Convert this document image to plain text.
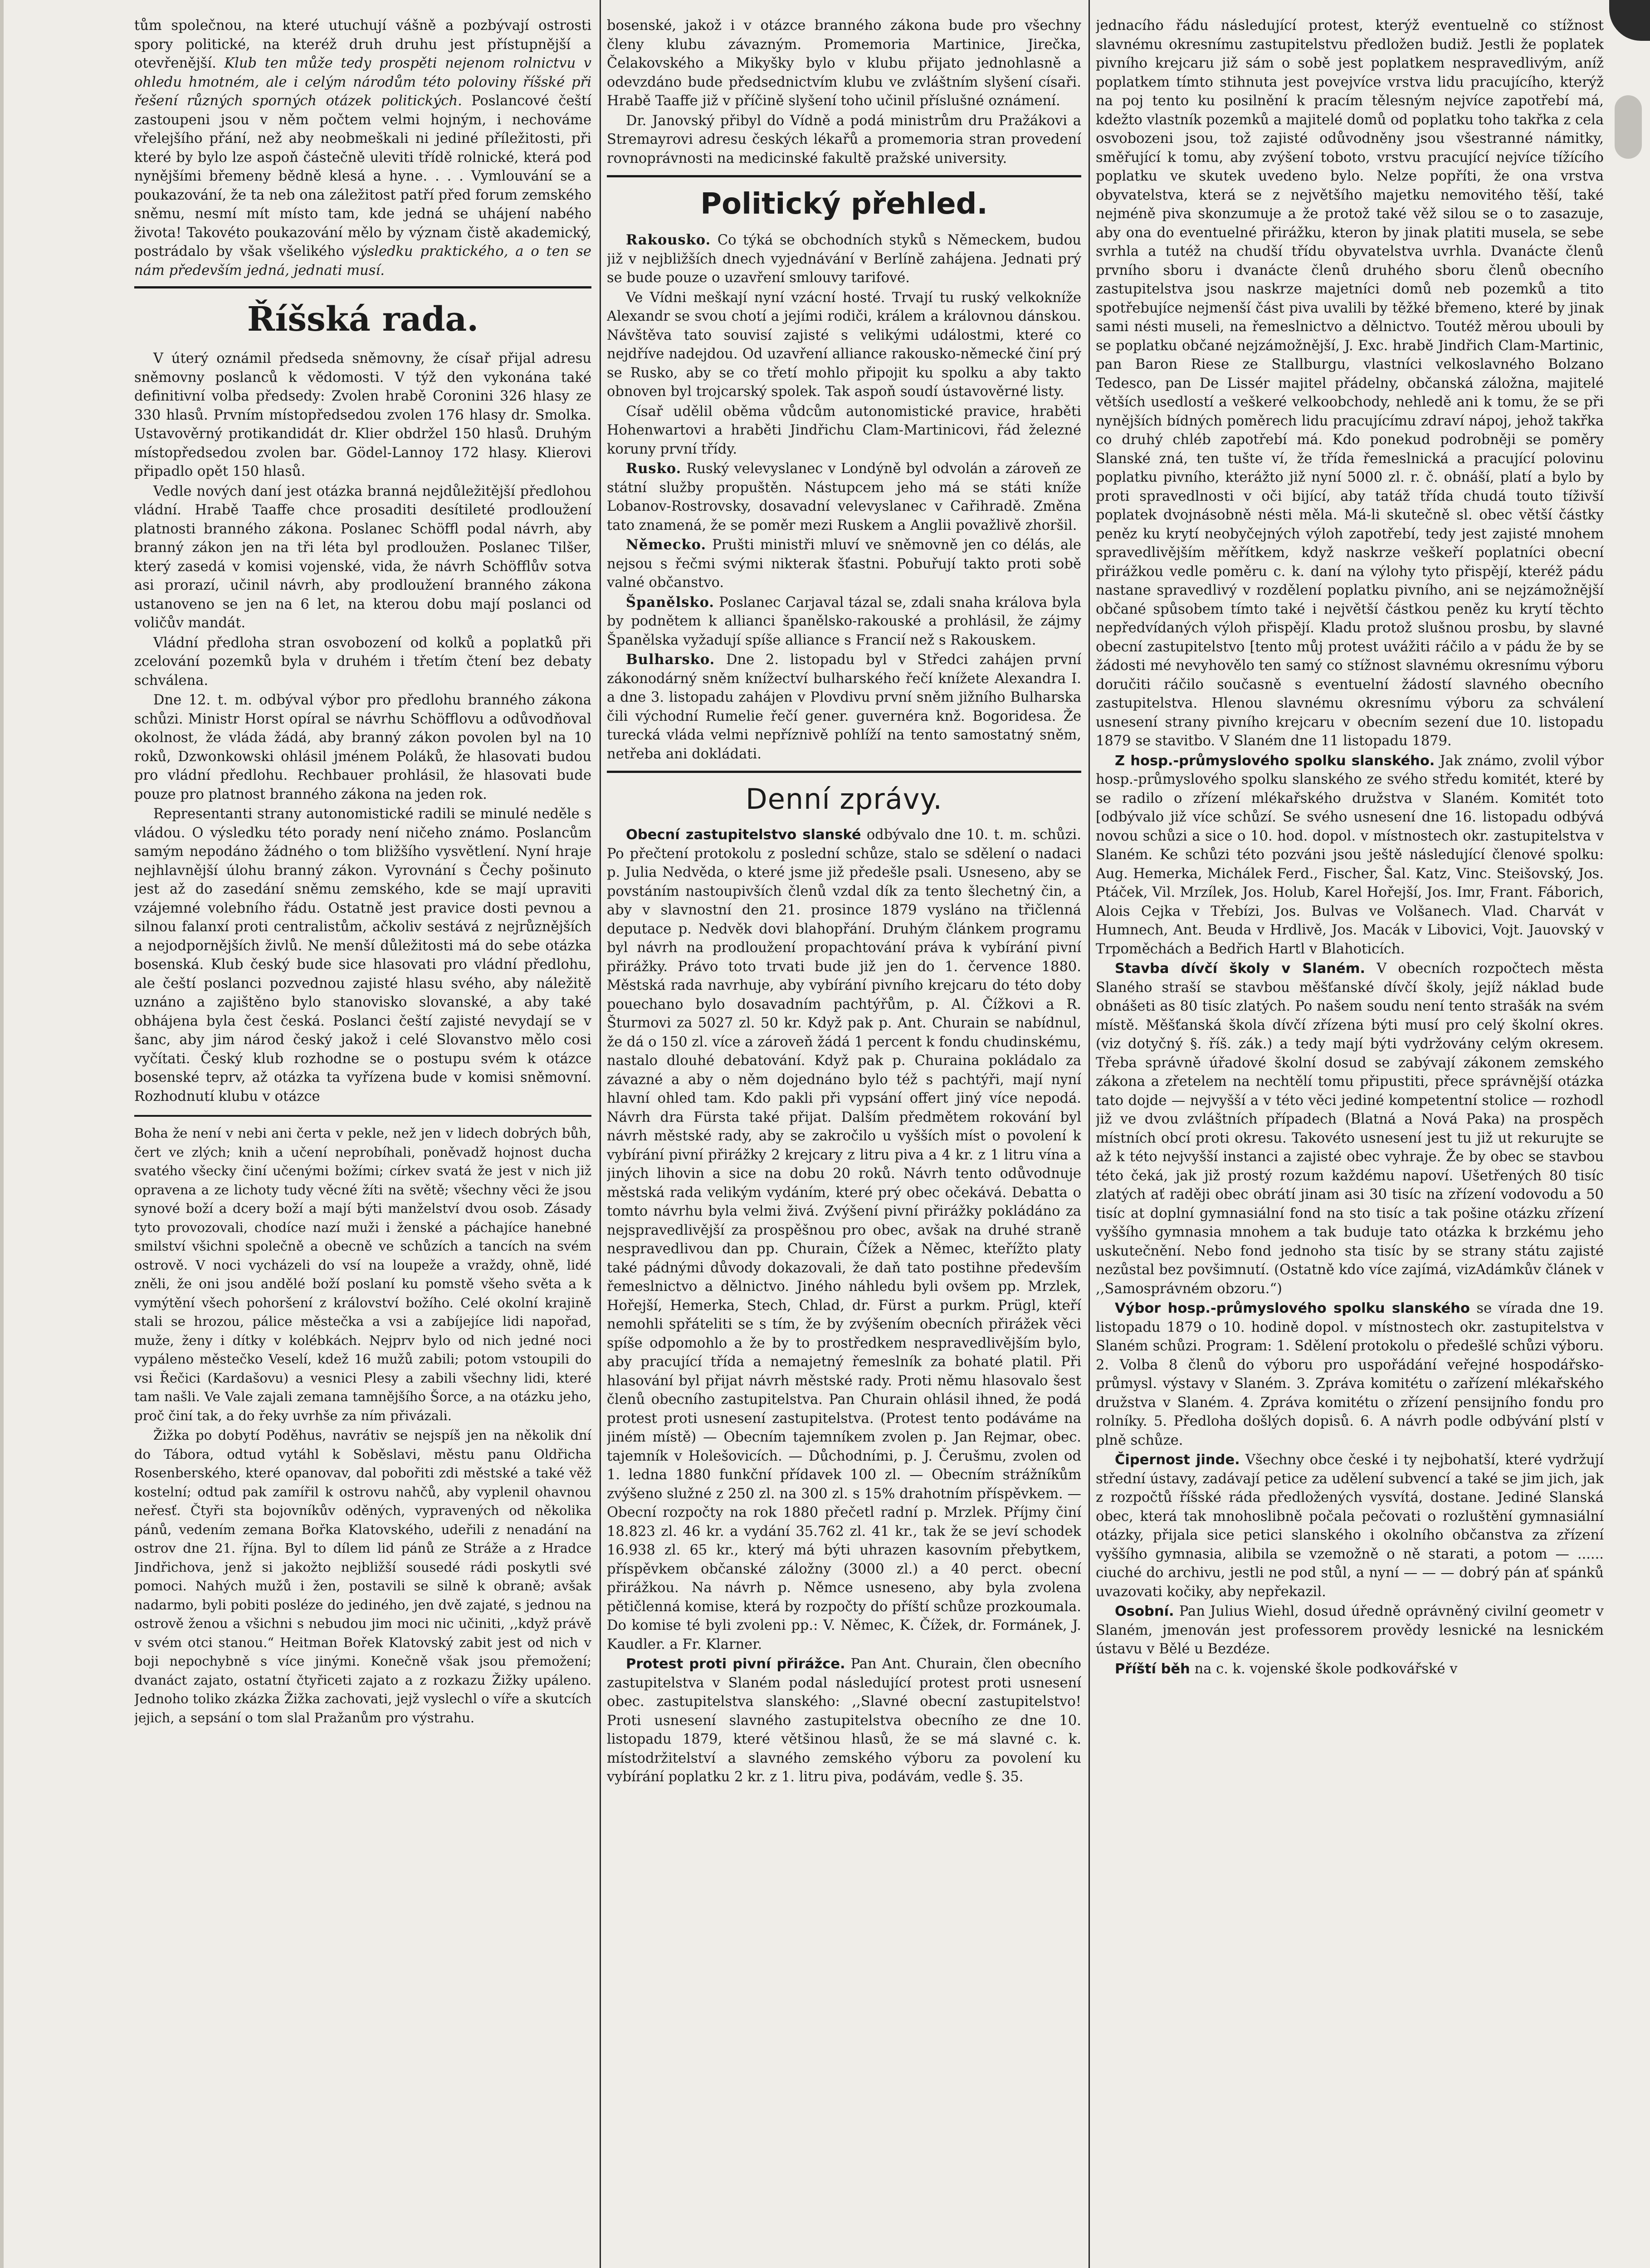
tům společnou, na které utuchují vášně a pozbývají ostrosti spory politické, na kteréž druh druhu jest přístupnější a otevřenější. Klub ten může tedy prospěti nejenom rolnictvu v ohledu hmotném, ale i celým národům této poloviny říšské při řešení různých sporných otázek politických. Poslancové čeští zastoupeni jsou v něm počtem velmi hojným, i nechováme vřelejšího přání, než aby neobmeškali ni jediné příležitosti, při které by bylo lze aspoň částečně uleviti třídě rolnické, která pod nynějšími břemeny bědně klesá a hyne. . . . Vymlouvání se a poukazování, že ta neb ona záležitost patří před forum zemského sněmu, nesmí mít místo tam, kde jedná se uhájení nabého života! Takovéto poukazování mělo by význam čistě akademický, postrádalo by však všelikého výsledku praktického, a o ten se nám především jedná, jednati musí.

Říšská rada.

V úterý oznámil předseda sněmovny, že císař přijal adresu sněmovny poslanců k vědomosti. V týž den vykonána také definitivní volba předsedy: Zvolen hrabě Coronini 326 hlasy ze 330 hlasů. Prvním místopředsedou zvolen 176 hlasy dr. Smolka. Ustavověrný protikandidát dr. Klier obdržel 150 hlasů. Druhým místopředsedou zvolen bar. Gödel-Lannoy 172 hlasy. Klierovi připadlo opět 150 hlasů.

Vedle nových daní jest otázka branná nejdůležitější předlohou vládní. Hrabě Taaffe chce prosaditi desítileté prodloužení platnosti branného zákona. Poslanec Schöffl podal návrh, aby branný zákon jen na tři léta byl prodloužen. Poslanec Tilšer, který zasedá v komisi vojenské, vida, že návrh Schöfflův sotva asi prorazí, učinil návrh, aby prodloužení branného zákona ustanoveno se jen na 6 let, na kterou dobu mají poslanci od voličův mandát.

Vládní předloha stran osvobození od kolků a poplatků při zcelování pozemků byla v druhém i třetím čtení bez debaty schválena.

Dne 12. t. m. odbýval výbor pro předlohu branného zákona schůzi. Ministr Horst opíral se návrhu Schöfflovu a odůvodňoval okolnost, že vláda žádá, aby branný zákon povolen byl na 10 roků, Dzwonkowski ohlásil jménem Poláků, že hlasovati budou pro vládní předlohu. Rechbauer prohlásil, že hlasovati bude pouze pro platnost branného zákona na jeden rok.

Representanti strany autonomistické radili se minulé neděle s vládou. O výsledku této porady není ničeho známo. Poslancům samým nepodáno žádného o tom bližšího vysvětlení. Nyní hraje nejhlavnější úlohu branný zákon. Vyrovnání s Čechy pošinuto jest až do zasedání sněmu zemského, kde se mají upraviti vzájemné volebního řádu. Ostatně jest pravice dosti pevnou a silnou falanxí proti centralistům, ačkoliv sestává z nejrůznějších a nejodpornějších živlů. Ne menší důležitosti má do sebe otázka bosenská. Klub český bude sice hlasovati pro vládní předlohu, ale čeští poslanci pozvednou zajisté hlasu svého, aby náležitě uznáno a zajištěno bylo stanovisko slovanské, a aby také obhájena byla čest česká. Poslanci čeští zajisté nevydají se v šanc, aby jim národ český jakož i celé Slovanstvo mělo cosi vyčítati. Český klub rozhodne se o postupu svém k otázce bosenské teprv, až otázka ta vyřízena bude v komisi sněmovní. Rozhodnutí klubu v otázce

Boha že není v nebi ani čerta v pekle, než jen v lidech dobrých bůh, čert ve zlých; knih a učení neprobíhali, poněvadž hojnost ducha svatého všecky činí učenými božími; církev svatá že jest v nich již opravena a ze lichoty tudy věcné žíti na světě; všechny věci že jsou synové boží a dcery boží a mají býti manželství dvou osob. Zásady tyto provozovali, chodíce nazí muži i ženské a páchajíce hanebné smilství všichni společně a obecně ve schůzích a tancích na svém ostrově. V noci vycházeli do vsí na loupeže a vraždy, ohně, lidé zněli, že oni jsou andělé boží poslaní ku pomstě všeho světa a k vymýtění všech pohoršení z království božího. Celé okolní krajině stali se hrozou, pálice městečka a vsi a zabíjejíce lidi napořad, muže, ženy i dítky v kolébkách. Nejprv bylo od nich jedné noci vypáleno městečko Veselí, kdež 16 mužů zabili; potom vstoupili do vsi Řečici (Kardašovu) a vesnici Plesy a zabili všechny lidi, které tam našli. Ve Vale zajali zemana tamnějšího Šorce, a na otázku jeho, proč činí tak, a do řeky uvrhše za ním přivázali.

Žižka po dobytí Poděhus, navrátiv se nejspíš jen na několik dní do Tábora, odtud vytáhl k Soběslavi, městu panu Oldřicha Rosenberského, které opanovav, dal pobořiti zdi městské a také věž kostelní; odtud pak zamířil k ostrovu nahčů, aby vyplenil ohavnou neřesť. Čtyři sta bojovníkův oděných, vypravených od několika pánů, vedením zemana Bořka Klatovského, udeřili z nenadání na ostrov dne 21. října. Byl to dílem lid pánů ze Stráže a z Hradce Jindřichova, jenž si jakožto nejbližší sousedé rádi poskytli své pomoci. Nahých mužů i žen, postavili se silně k obraně; avšak nadarmo, byli pobiti posléze do jediného, jen dvě zajaté, s jednou na ostrově ženou a všichni s nebudou jim moci nic učiniti, ,,když právě v svém otci stanou.“ Heitman Bořek Klatovský zabit jest od nich v boji nepochybně s více jinými. Konečně však jsou přemožení; dvanáct zajato, ostatní čtyřiceti zajato a z rozkazu Žižky upáleno. Jednoho toliko zkázka Žižka zachovati, jejž vyslechl o víře a skutcích jejich, a sepsání o tom slal Pražanům pro výstrahu.

bosenské, jakož i v otázce branného zákona bude pro všechny členy klubu závazným. Promemoria Martinice, Jirečka, Čelakovského a Mikyšky bylo v klubu přijato jednohlasně a odevzdáno bude předsednictvím klubu ve zvláštním slyšení císaři. Hrabě Taaffe již v příčině slyšení toho učinil příslušné oznámení.

Dr. Janovský přibyl do Vídně a podá ministrům dru Pražákovi a Stremayrovi adresu českých lékařů a promemoria stran provedení rovnoprávnosti na medicinské fakultě pražské university.

Politický přehled.

Rakousko. Co týká se obchodních styků s Německem, budou již v nejbližších dnech vyjednávání v Berlíně zahájena. Jednati prý se bude pouze o uzavření smlouvy tarifové.

Ve Vídni meškají nyní vzácní hosté. Trvají tu ruský velkokníže Alexandr se svou chotí a jejími rodiči, králem a královnou dánskou. Návštěva tato souvisí zajisté s velikými událostmi, které co nejdříve nadejdou. Od uzavření alliance rakousko-německé činí prý se Rusko, aby se co třetí mohlo připojit ku spolku a aby takto obnoven byl trojcarský spolek. Tak aspoň soudí ústavověrné listy.

Císař udělil oběma vůdcům autonomistické pravice, hraběti Hohenwartovi a hraběti Jindřichu Clam-Martinicovi, řád železné koruny první třídy.

Rusko. Ruský velevyslanec v Londýně byl odvolán a zároveň ze státní služby propuštěn. Nástupcem jeho má se státi kníže Lobanov-Rostrovsky, dosavadní velevyslanec v Cařihradě. Změna tato znamená, že se poměr mezi Ruskem a Anglii považlivě zhoršil.

Německo. Prušti ministři mluví ve sněmovně jen co délás, ale nejsou s řečmi svými nikterak šťastni. Pobuřují takto proti sobě valné občanstvo.

Španělsko. Poslanec Carjaval tázal se, zdali snaha králova byla by podnětem k allianci španělsko-rakouské a prohlásil, že zájmy Španělska vyžadují spíše alliance s Francií než s Rakouskem.

Bulharsko. Dne 2. listopadu byl v Středci zahájen první zákonodárný sněm knížectví bulharského řečí knížete Alexandra I. a dne 3. listopadu zahájen v Plovdivu první sněm jižního Bulharska čili východní Rumelie řečí gener. guvernéra knž. Bogoridesa. Že turecká vláda velmi nepříznivě pohlíží na tento samostatný sněm, netřeba ani dokládati.

Denní zprávy.

Obecní zastupitelstvo slanské odbývalo dne 10. t. m. schůzi. Po přečtení protokolu z poslední schůze, stalo se sdělení o nadaci p. Julia Nedvěda, o které jsme již předešle psali. Usneseno, aby se povstáním nastoupivších členů vzdal dík za tento šlechetný čin, a aby v slavnostní den 21. prosince 1879 vysláno na třičlenná deputace p. Nedvěk dovi blahopřání. Druhým článkem programu byl návrh na prodloužení propachtování práva k vybírání pivní přirážky. Právo toto trvati bude již jen do 1. července 1880. Městská rada navrhuje, aby vybírání pivního krejcaru do této doby pouechano bylo dosavadním pachtýřům, p. Al. Čížkovi a R. Šturmovi za 5027 zl. 50 kr. Když pak p. Ant. Churain se nabídnul, že dá o 150 zl. více a zároveň žádá 1 percent k fondu chudinskému, nastalo dlouhé debatování. Když pak p. Churaina pokládalo za závazné a aby o něm dojednáno bylo též s pachtýři, mají nyní hlavní ohled tam. Kdo pakli při vypsání offert jiný více nepodá. Návrh dra Fürsta také přijat. Dalším předmětem rokování byl návrh městské rady, aby se zakročilo u vyšších míst o povolení k vybírání pivní přirážky 2 krejcary z litru piva a 4 kr. z 1 litru vína a jiných lihovin a sice na dobu 20 roků. Návrh tento odůvodnuje městská rada velikým vydáním, které prý obec očekává. Debatta o tomto návrhu byla velmi živá. Zvýšení pivní přirážky pokládáno za nejspravedlivější za prospěšnou pro obec, avšak na druhé straně nespravedlivou dan pp. Churain, Čížek a Němec, kteřížto platy také pádnými důvody dokazovali, že daň tato postihne především řemeslnictvo a dělnictvo. Jiného náhledu byli ovšem pp. Mrzlek, Hořejší, Hemerka, Stech, Chlad, dr. Fürst a purkm. Prügl, kteří nemohli spřáteliti se s tím, že by zvýšením obecních přirážek věci spíše odpomohlo a že by to prostředkem nespravedlivějším bylo, aby pracující třída a nemajetný řemeslník za bohaté platil. Při hlasování byl přijat návrh městské rady. Proti němu hlasovalo šest členů obecního zastupitelstva. Pan Churain ohlásil ihned, že podá protest proti usnesení zastupitelstva. (Protest tento podáváme na jiném místě) — Obecním tajemníkem zvolen p. Jan Rejmar, obec. tajemník v Holešovicích. — Důchodními, p. J. Čerušmu, zvolen od 1. ledna 1880 funkční přídavek 100 zl. — Obecním strážníkům zvýšeno služné z 250 zl. na 300 zl. s 15% drahotním příspěvkem. — Obecní rozpočty na rok 1880 přečetl radní p. Mrzlek. Příjmy činí 18.823 zl. 46 kr. a vydání 35.762 zl. 41 kr., tak že se jeví schodek 16.938 zl. 65 kr., který má býti uhrazen kasovním přebytkem, příspěvkem občanské záložny (3000 zl.) a 40 perct. obecní přirážkou. Na návrh p. Němce usneseno, aby byla zvolena pětičlenná komise, která by rozpočty do příští schůze prozkoumala. Do komise té byli zvoleni pp.: V. Němec, K. Čížek, dr. Formánek, J. Kaudler. a Fr. Klarner.

Protest proti pivní přirážce. Pan Ant. Churain, člen obecního zastupitelstva v Slaném podal následující protest proti usnesení obec. zastupitelstva slanského: ,,Slavné obecní zastupitelstvo! Proti usnesení slavného zastupitelstva obecního ze dne 10. listopadu 1879, které většinou hlasů, že se má slavné c. k. místodržitelství a slavného zemského výboru za povolení ku vybírání poplatku 2 kr. z 1. litru piva, podávám, vedle §. 35.

jednacího řádu následující protest, kterýž eventuelně co stížnost slavnému okresnímu zastupitelstvu předložen budiž. Jestli že poplatek pivního krejcaru již sám o sobě jest poplatkem nespravedlivým, aníž poplatkem tímto stihnuta jest povejvíce vrstva lidu pracujícího, kterýž na poj tento ku posilnění k pracím tělesným nejvíce zapotřebí má, kdežto vlastník pozemků a majitelé domů od poplatku toho takřka z cela osvobozeni jsou, tož zajisté odůvodněny jsou všestranné námitky, směřující k tomu, aby zvýšení toboto, vrstvu pracující nejvíce tížícího poplatku ve skutek uvedeno bylo. Nelze popříti, že ona vrstva obyvatelstva, která se z největšího majetku nemovitého těší, také nejméně piva skonzumuje a že protož také věž silou se o to zasazuje, aby ona do eventuelné přirážku, kteron by jinak platiti musela, se sebe svrhla a tutéž na chudší třídu obyvatelstva uvrhla. Dvanácte členů prvního sboru i dvanácte členů druhého sboru členů obecního zastupitelstva jsou naskrze majetníci domů neb pozemků a tito spotřebujíce nejmenší část piva uvalili by těžké břemeno, které by jinak sami nésti museli, na řemeslnictvo a dělnictvo. Toutéž měrou ubouli by se poplatku občané nejzámožnější, J. Exc. hrabě Jindřich Clam-Martinic, pan Baron Riese ze Stallburgu, vlastníci velkoslavného Bolzano Tedesco, pan De Lissér majitel přádelny, občanská záložna, majitelé větších usedlostí a veškeré velkoobchody, nehledě ani k tomu, že se při nynějších bídných poměrech lidu pracujícímu zdraví nápoj, jehož takřka co druhý chléb zapotřebí má. Kdo ponekud podrobněji se poměry Slanské zná, ten tušte ví, že třída řemeslnická a pracující polovinu poplatku pivního, kterážto již nyní 5000 zl. r. č. obnáší, platí a bylo by proti spravedlnosti v oči bijící, aby tatáž třída chudá touto tíživší poplatek dvojnásobně nésti měla. Má-li skutečně sl. obec větší částky peněz ku krytí neobyčejných výloh zapotřebí, tedy jest zajisté mnohem spravedlivějším měřítkem, když naskrze veškeří poplatníci obecní přirážkou vedle poměru c. k. daní na výlohy tyto přispějí, kteréž pádu nastane spravedlivý v rozdělení poplatku pivního, ani se nejzámožnější občané spůsobem tímto také i největší částkou peněz ku krytí těchto nepředvídaných výloh přispějí. Kladu protož slušnou prosbu, by slavné obecní zastupitelstvo [tento můj protest uvážiti ráčilo a v pádu že by se žádosti mé nevyhovělo ten samý co stížnost slavnému okresnímu výboru doručiti ráčilo současně s eventuelní žádostí slavného obecního zastupitelstva. Hlenou slavnému okresnímu výboru za schválení usnesení strany pivního krejcaru v obecním sezení due 10. listopadu 1879 se stavitbo. V Slaném dne 11 listopadu 1879.

Z hosp.-průmyslového spolku slanského. Jak známo, zvolil výbor hosp.-průmyslového spolku slanského ze svého středu komitét, které by se radilo o zřízení mlékařského družstva v Slaném. Komitét toto [odbývalo již více schůzí. Se svého usnesení dne 16. listopadu odbývá novou schůzi a sice o 10. hod. dopol. v místnostech okr. zastupitelstva v Slaném. Ke schůzi této pozváni jsou ještě následující členové spolku: Aug. Hemerka, Michálek Ferd., Fischer, Šal. Katz, Vinc. Steišovský, Jos. Ptáček, Vil. Mrzílek, Jos. Holub, Karel Hořejší, Jos. Imr, Frant. Fáborich, Alois Cejka v Třebízi, Jos. Bulvas ve Volšanech. Vlad. Charvát v Humnech, Ant. Beuda v Hrdlivě, Jos. Macák v Libovici, Vojt. Jauovský v Trpoměchách a Bedřich Hartl v Blahoticích.

Stavba dívčí školy v Slaném. V obecních rozpočtech města Slaného straší se stavbou měšťanské dívčí školy, jejíž náklad bude obnášeti as 80 tisíc zlatých. Po našem soudu není tento strašák na svém místě. Měšťanská škola dívčí zřízena býti musí pro celý školní okres. (viz dotyčný §. říš. zák.) a tedy mají býti vydržovány celým okresem. Třeba správně úřadové školní dosud se zabývají zákonem zemského zákona a zřetelem na nechtělí tomu připustiti, přece správnější otázka tato dojde — nejvyšší a v této věci jediné kompetentní stolice — rozhodl již ve dvou zvláštních případech (Blatná a Nová Paka) na prospěch místních obcí proti okresu. Takovéto usnesení jest tu již ut rekurujte se až k této nejvyšší instanci a zajisté obec vyhraje. Že by obec se stavbou této čeká, jak již prostý rozum každému napoví. Ušetřených 80 tisíc zlatých ať raději obec obrátí jinam asi 30 tisíc na zřízení vodovodu a 50 tisíc at doplní gymnasiální fond na sto tisíc a tak pošine otázku zřízení vyššího gymnasia mnohem a tak buduje tato otázka k brzkému jeho uskutečnění. Nebo fond jednoho sta tisíc by se strany státu zajisté nezůstal bez povšimnutí. (Ostatně kdo více zajímá, vizAdámkův článek v ,,Samosprávném obzoru.“)

Výbor hosp.-průmyslového spolku slanského se vírada dne 19. listopadu 1879 o 10. hodině dopol. v místnostech okr. zastupitelstva v Slaném schůzi. Program: 1. Sdělení protokolu o předešlé schůzi výboru. 2. Volba 8 členů do výboru pro uspořádání veřejné hospodářsko-průmysl. výstavy v Slaném. 3. Zpráva komitétu o zařízení mlékařského družstva v Slaném. 4. Zpráva komitétu o zřízení pensijního fondu pro rolníky. 5. Předloha došlých dopisů. 6. A návrh podle odbývání plstí v plně schůze.

Čipernost jinde. Všechny obce české i ty nejbohatší, které vydržují střední ústavy, zadávají petice za udělení subvencí a také se jim jich, jak z rozpočtů říšské ráda předložených vysvítá, dostane. Jediné Slanská obec, která tak mnohoslibně počala pečovati o rozluštění gymnasiální otázky, přijala sice petici slanského i okolního občanstva za zřízení vyššího gymnasia, alibila se vzemožně o ně starati, a potom — ...... ciuché do archivu, jestli ne pod stůl, a nyní — — — dobrý pán ať spánků uvazovati kočiky, aby nepřekazil.

Osobní. Pan Julius Wiehl, dosud úředně oprávněný civilní geometr v Slaném, jmenován jest professorem provědy lesnické na lesnickém ústavu v Bělé u Bezdéze.

Příští běh na c. k. vojenské škole podkovářské v
